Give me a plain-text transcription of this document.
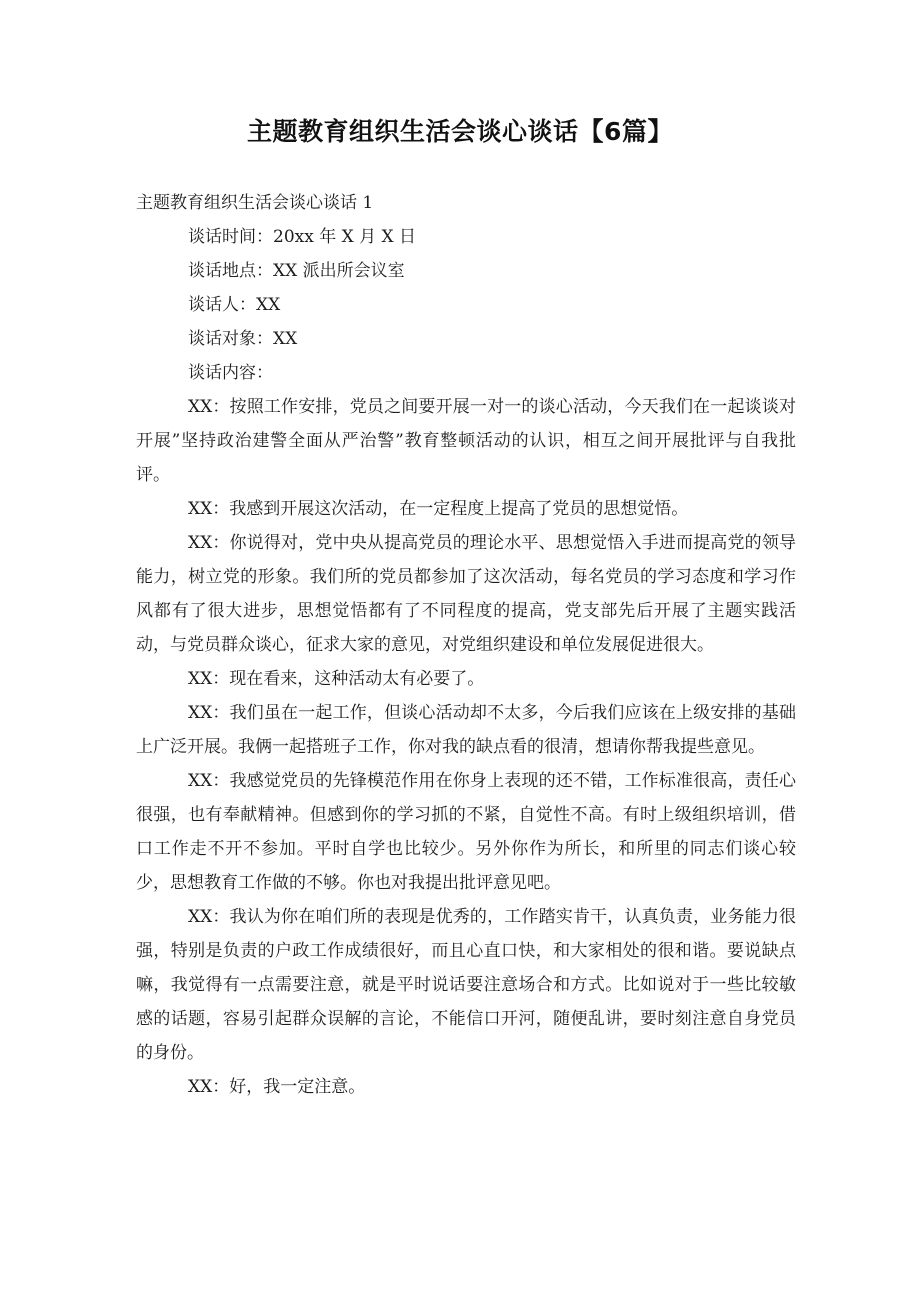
主题教育组织生活会谈心谈话【6篇】

主题教育组织生活会谈心谈话 1

谈话时间：20xx 年 X 月 X 日

谈话地点：XX 派出所会议室

谈话人：XX

谈话对象：XX

谈话内容：

XX：按照工作安排，党员之间要开展一对一的谈心活动，今天我们在一起谈谈对开展”坚持政治建警全面从严治警”教育整顿活动的认识，相互之间开展批评与自我批评。

XX：我感到开展这次活动，在一定程度上提高了党员的思想觉悟。

XX：你说得对，党中央从提高党员的理论水平、思想觉悟入手进而提高党的领导能力，树立党的形象。我们所的党员都参加了这次活动，每名党员的学习态度和学习作风都有了很大进步，思想觉悟都有了不同程度的提高，党支部先后开展了主题实践活动，与党员群众谈心，征求大家的意见，对党组织建设和单位发展促进很大。

XX：现在看来，这种活动太有必要了。

XX：我们虽在一起工作，但谈心活动却不太多，今后我们应该在上级安排的基础上广泛开展。我俩一起搭班子工作，你对我的缺点看的很清，想请你帮我提些意见。

XX：我感觉党员的先锋模范作用在你身上表现的还不错，工作标准很高，责任心很强，也有奉献精神。但感到你的学习抓的不紧，自觉性不高。有时上级组织培训，借口工作走不开不参加。平时自学也比较少。另外你作为所长，和所里的同志们谈心较少，思想教育工作做的不够。你也对我提出批评意见吧。

XX：我认为你在咱们所的表现是优秀的，工作踏实肯干，认真负责，业务能力很强，特别是负责的户政工作成绩很好，而且心直口快，和大家相处的很和谐。要说缺点嘛，我觉得有一点需要注意，就是平时说话要注意场合和方式。比如说对于一些比较敏感的话题，容易引起群众误解的言论，不能信口开河，随便乱讲，要时刻注意自身党员的身份。

XX：好，我一定注意。
